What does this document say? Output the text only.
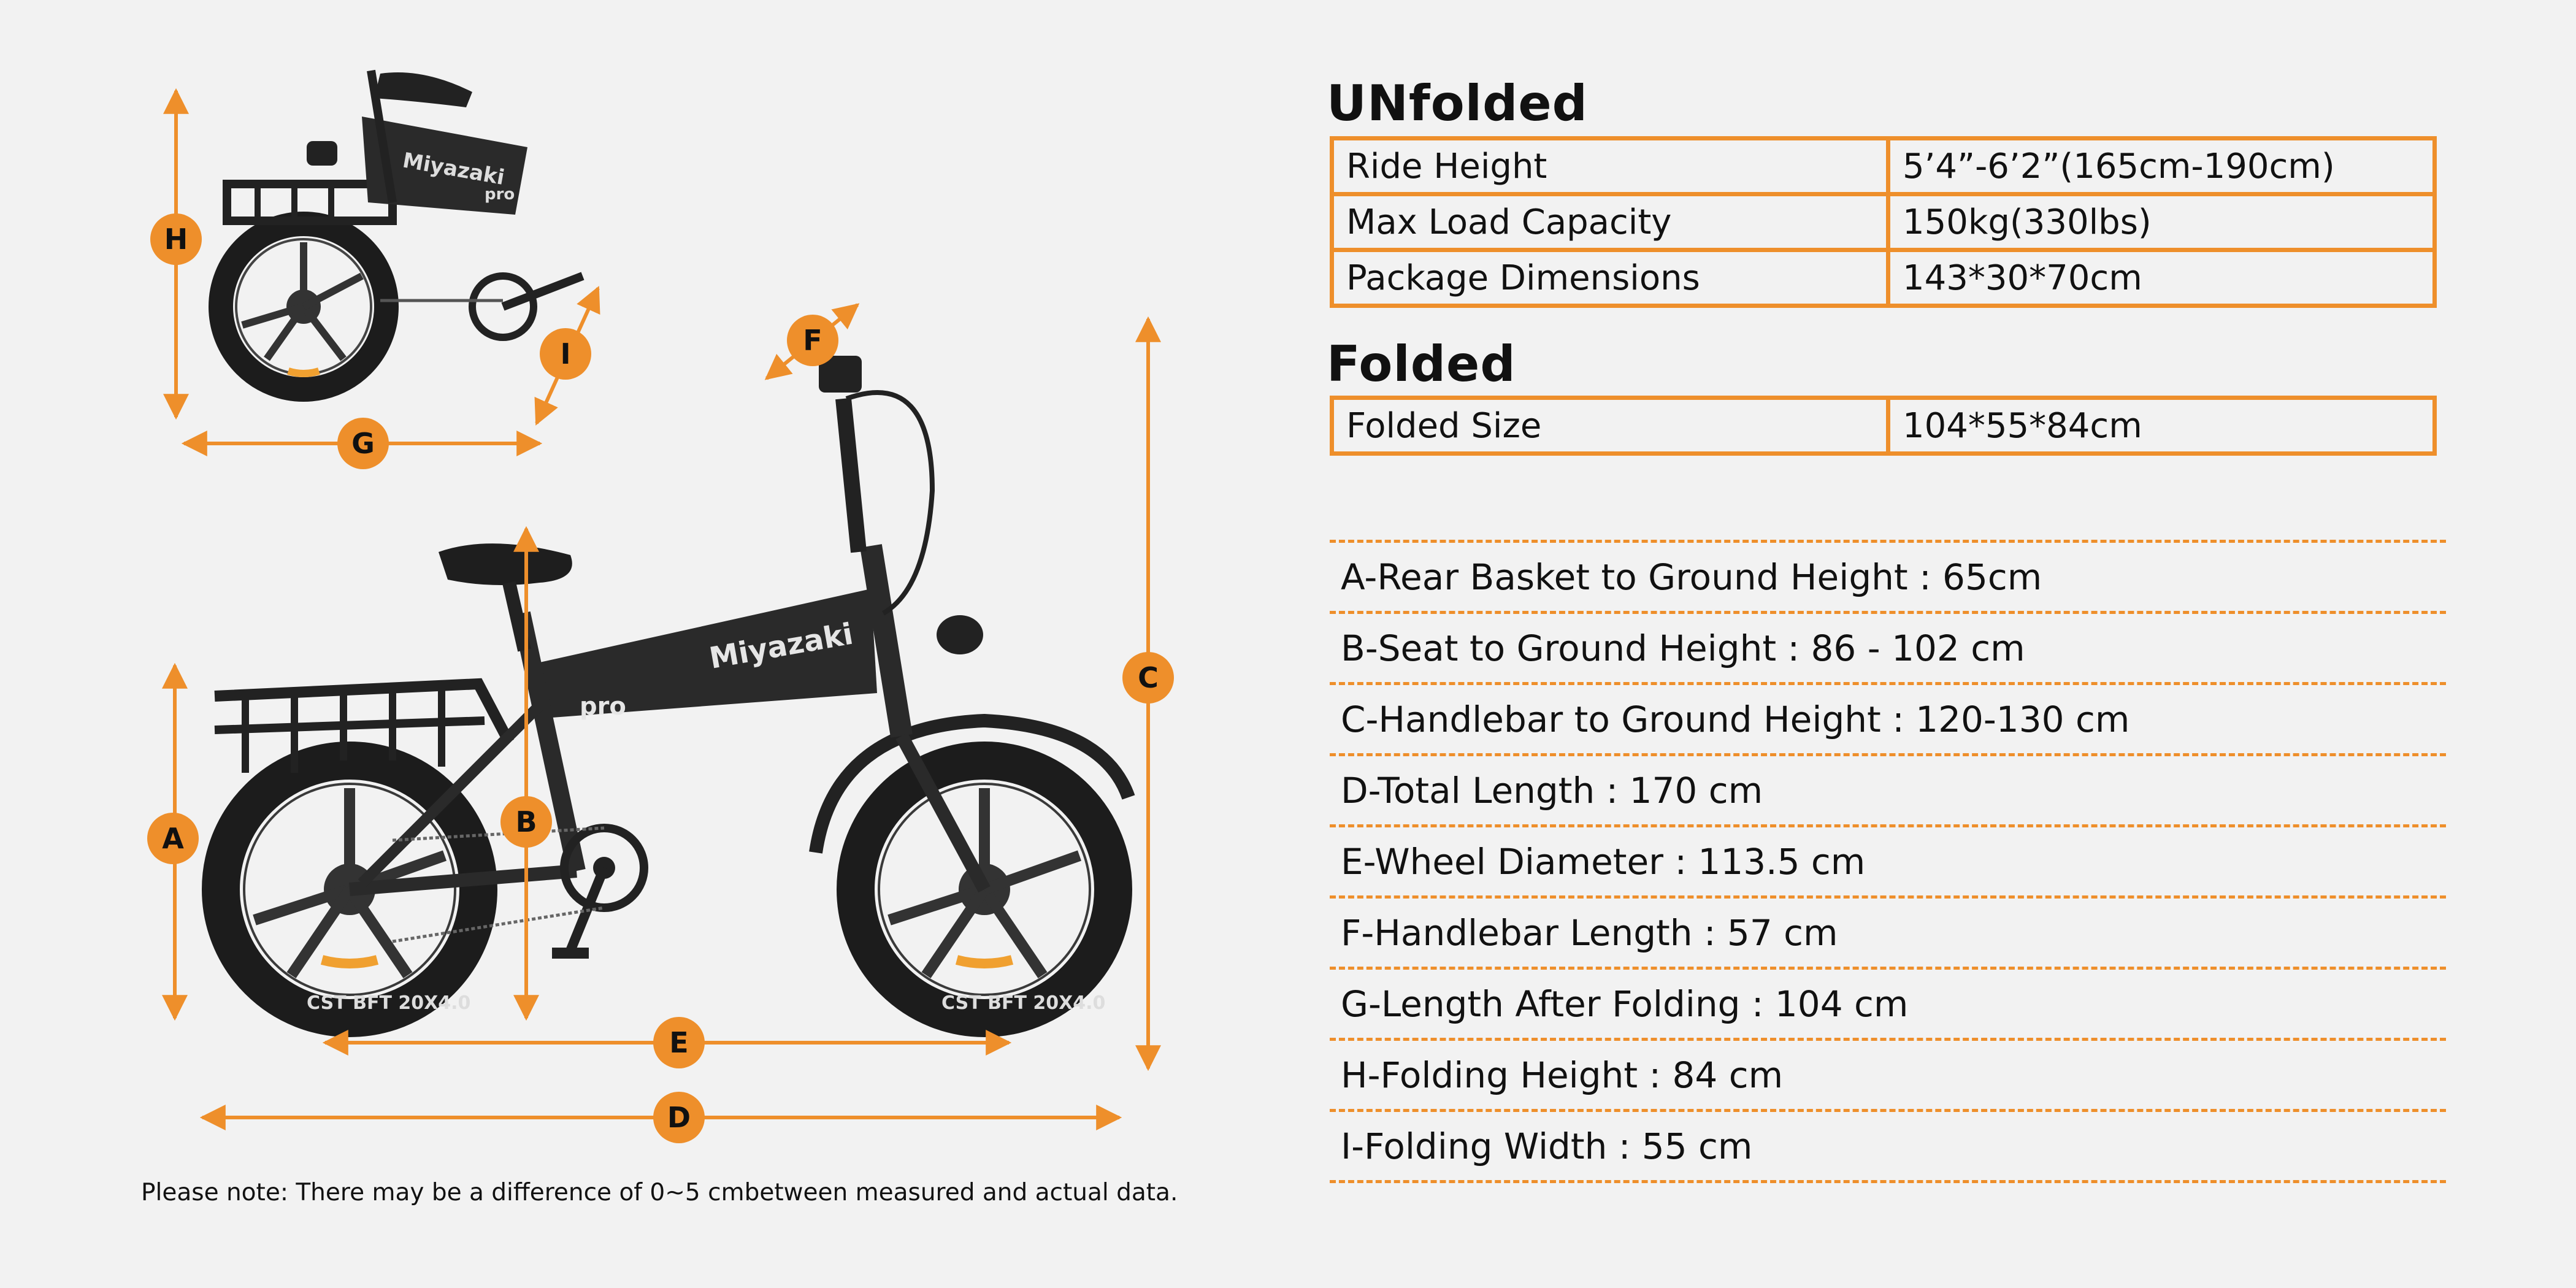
Miyazaki
pro
CST BFT 20X4.0	CST BFT 20X4.0
Miyazaki
pro
H
G
I	F
A	B
C
E
D
Please note: There may be a difference of 0~5 cmbetween measured and actual data.
UNfolded
Ride Height	5’4”-6’2”(165cm-190cm)
Max Load Capacity	150kg(330lbs)
Package Dimensions	143*30*70cm
Folded
Folded Size	104*55*84cm
A-Rear Basket to Ground Height : 65cm
B-Seat to Ground Height : 86 - 102 cm
C-Handlebar to Ground Height : 120-130 cm
D-Total Length : 170 cm
E-Wheel Diameter : 113.5 cm
F-Handlebar Length : 57 cm
G-Length After Folding : 104 cm
H-Folding Height : 84 cm
I-Folding Width : 55 cm
